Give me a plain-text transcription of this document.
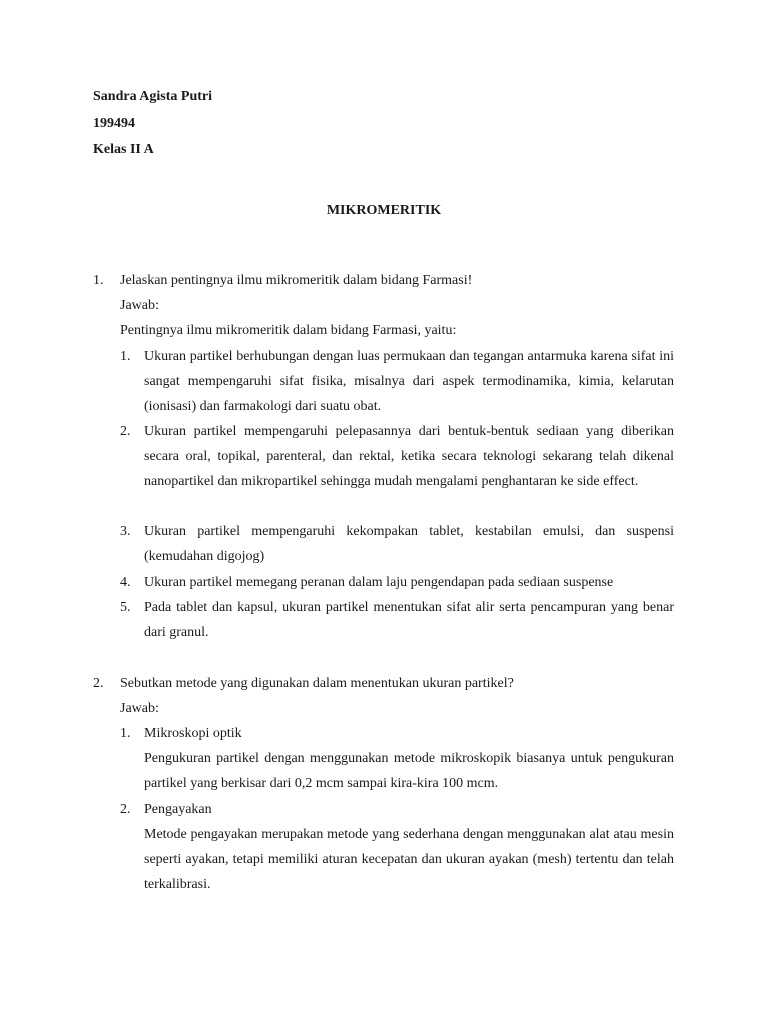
Sandra Agista Putri
199494
Kelas II A
MIKROMERITIK
1. Jelaskan pentingnya ilmu mikromeritik dalam bidang Farmasi!
Jawab:
Pentingnya ilmu mikromeritik dalam bidang Farmasi, yaitu:
1. Ukuran partikel berhubungan dengan luas permukaan dan tegangan antarmuka karena sifat ini sangat mempengaruhi sifat fisika, misalnya dari aspek termodinamika, kimia, kelarutan (ionisasi) dan farmakologi dari suatu obat.
2. Ukuran partikel mempengaruhi pelepasannya dari bentuk-bentuk sediaan yang diberikan secara oral, topikal, parenteral, dan rektal, ketika secara teknologi sekarang telah dikenal nanopartikel dan mikropartikel sehingga mudah mengalami penghantaran ke side effect.
3. Ukuran partikel mempengaruhi kekompakan tablet, kestabilan emulsi, dan suspensi (kemudahan digojog)
4. Ukuran partikel memegang peranan dalam laju pengendapan pada sediaan suspense
5. Pada tablet dan kapsul, ukuran partikel menentukan sifat alir serta pencampuran yang benar dari granul.
2. Sebutkan metode yang digunakan dalam menentukan ukuran partikel?
Jawab:
1. Mikroskopi optik
Pengukuran partikel dengan menggunakan metode mikroskopik biasanya untuk pengukuran partikel yang berkisar dari 0,2 mcm sampai kira-kira 100 mcm.
2. Pengayakan
Metode pengayakan merupakan metode yang sederhana dengan menggunakan alat atau mesin seperti ayakan, tetapi memiliki aturan kecepatan dan ukuran ayakan (mesh) tertentu dan telah terkalibrasi.
